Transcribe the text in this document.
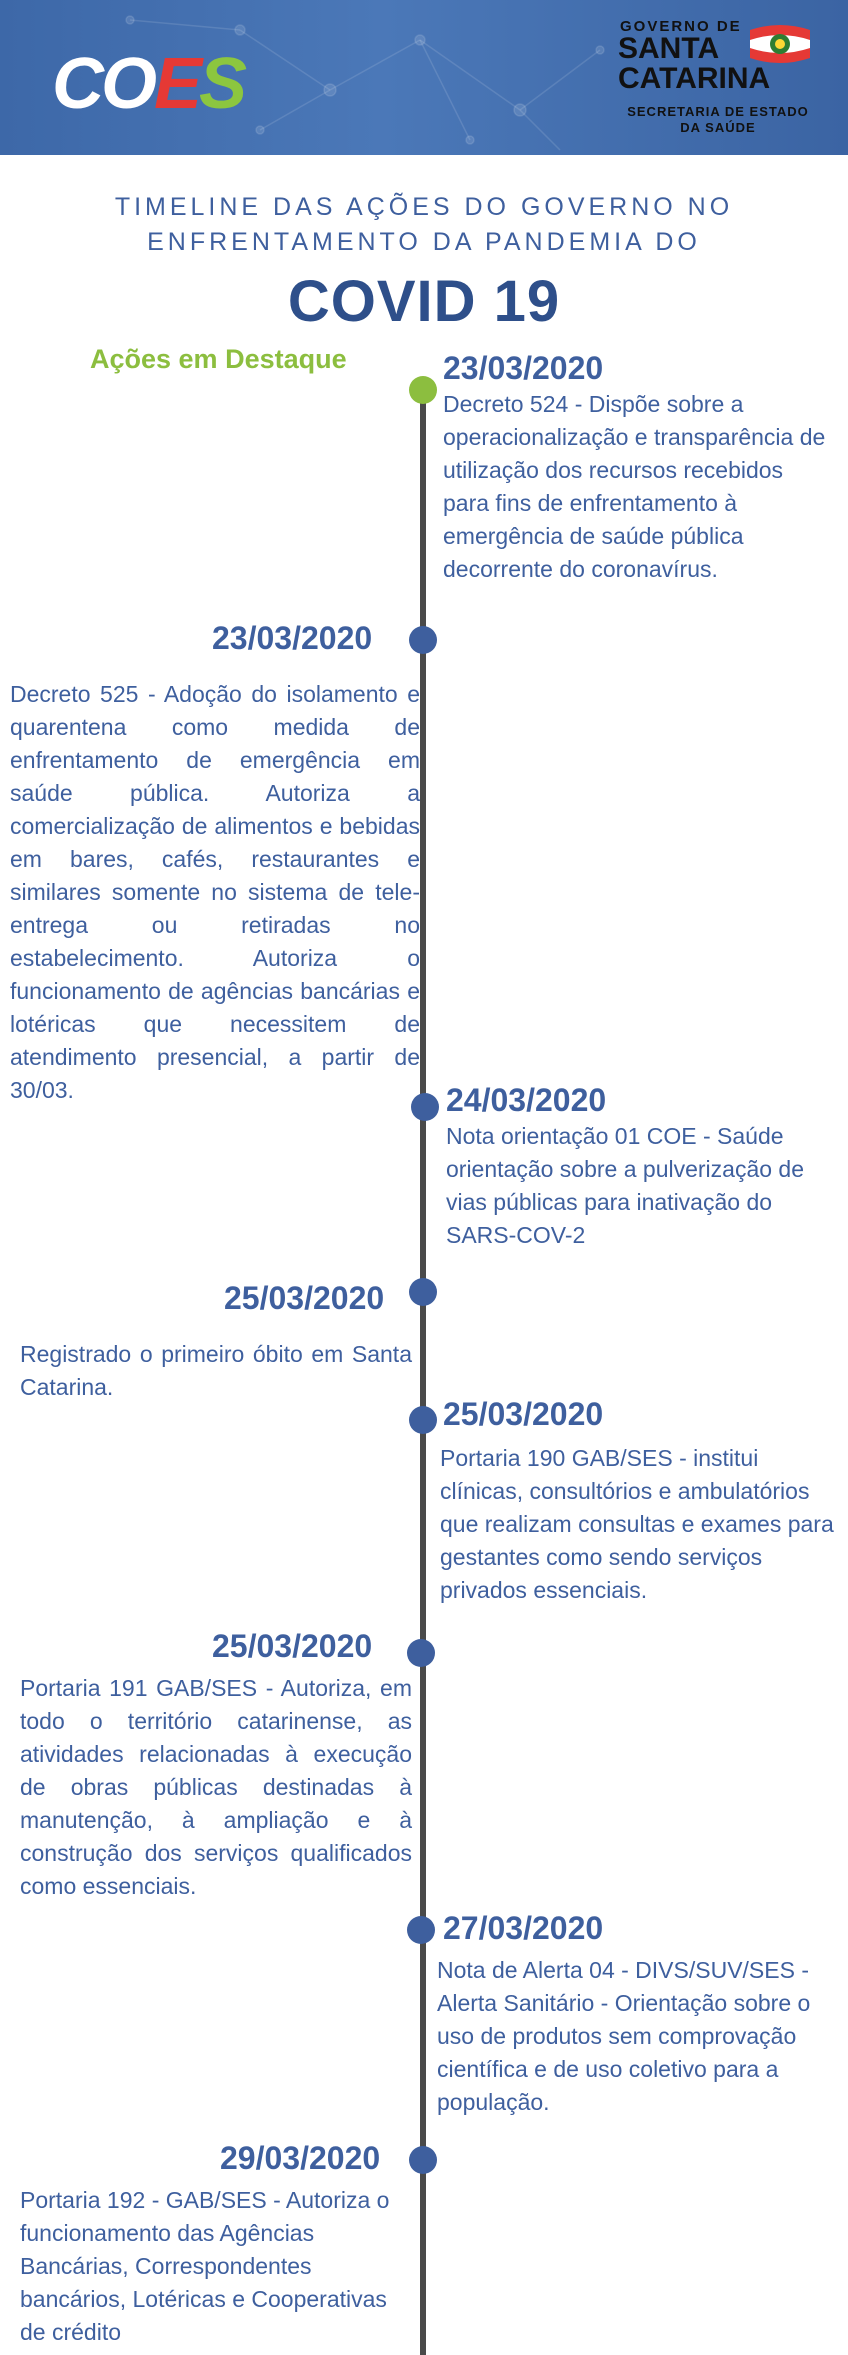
COES
GOVERNO DE
SANTA
CATARINA
SECRETARIA DE ESTADO
DA SAÚDE
TIMELINE DAS AÇÕES DO GOVERNO NO
ENFRENTAMENTO DA PANDEMIA DO
COVID 19
Ações em Destaque	23/03/2020
Decreto 524 - Dispõe sobre a operacionalização e transparência de utilização dos recursos recebidos para fins de enfrentamento à emergência de saúde pública decorrente do coronavírus.
23/03/2020
Decreto 525 - Adoção do isolamento e quarentena como medida de enfrentamento de emergência em saúde pública. Autoriza a comercialização de alimentos e bebidas em bares, cafés, restaurantes e similares somente no sistema de tele-entrega ou retiradas no estabelecimento. Autoriza o funcionamento de agências bancárias e lotéricas que necessitem de atendimento presencial, a partir de 30/03.	24/03/2020
Nota orientação 01 COE - Saúde orientação sobre a pulverização de vias públicas para inativação do SARS-COV-2
25/03/2020
Registrado o primeiro óbito em Santa Catarina.
25/03/2020
Portaria 190 GAB/SES - institui clínicas, consultórios e ambulatórios que realizam consultas e exames para gestantes como sendo serviços privados essenciais.
25/03/2020
Portaria 191 GAB/SES - Autoriza, em todo o território catarinense, as atividades relacionadas à execução de obras públicas destinadas à manutenção, à ampliação e à construção dos serviços qualificados como essenciais.
27/03/2020
Nota de Alerta 04 - DIVS/SUV/SES - Alerta Sanitário - Orientação sobre o uso de produtos sem comprovação científica e de uso coletivo para a população.
29/03/2020
Portaria 192 - GAB/SES - Autoriza o funcionamento das Agências Bancárias, Correspondentes bancários, Lotéricas e Cooperativas de crédito
